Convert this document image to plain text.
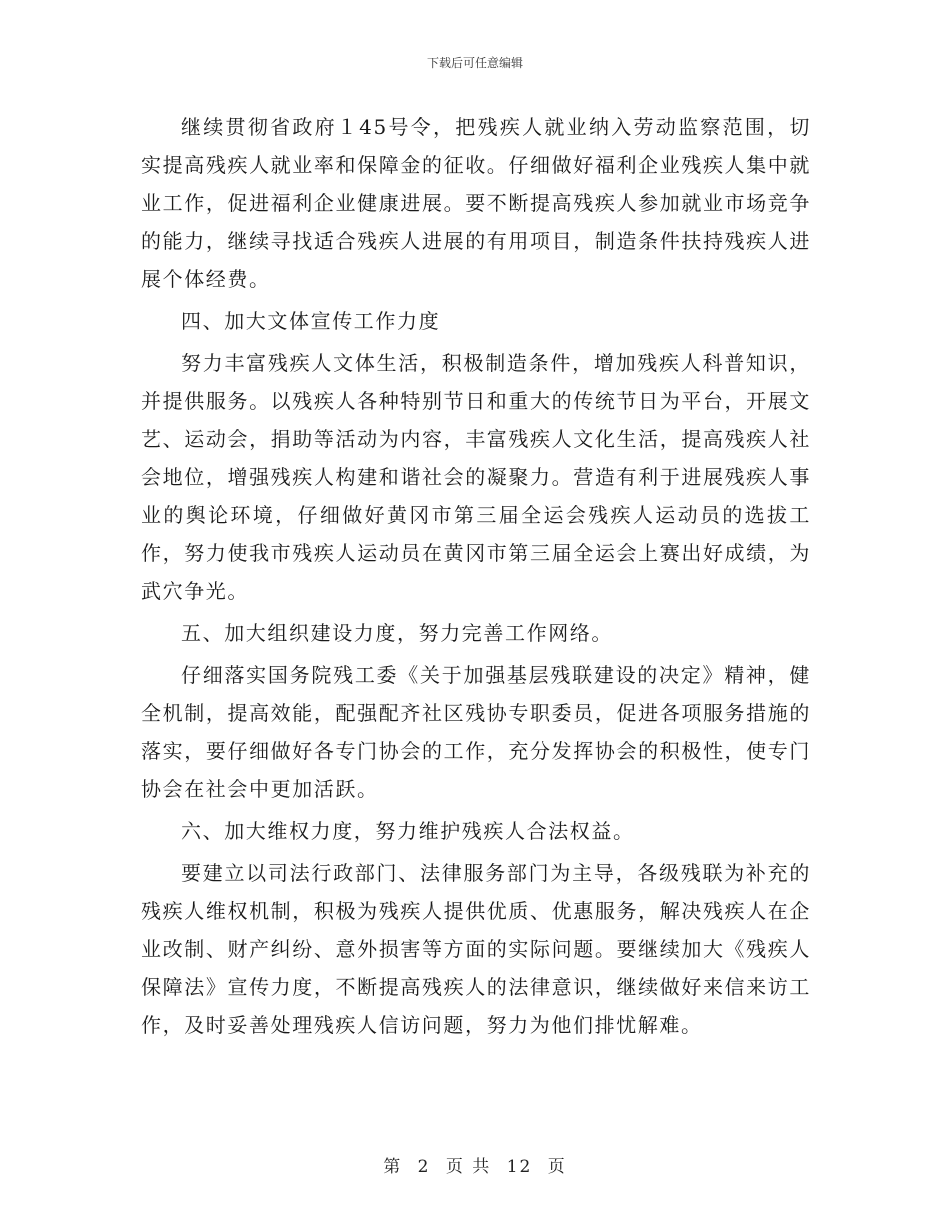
下载后可任意编辑

继续贯彻省政府１45号令，把残疾人就业纳入劳动监察范围，切实提高残疾人就业率和保障金的征收。仔细做好福利企业残疾人集中就业工作，促进福利企业健康进展。要不断提高残疾人参加就业市场竞争的能力，继续寻找适合残疾人进展的有用项目，制造条件扶持残疾人进展个体经费。

四、加大文体宣传工作力度

努力丰富残疾人文体生活，积极制造条件，增加残疾人科普知识，并提供服务。以残疾人各种特别节日和重大的传统节日为平台，开展文艺、运动会，捐助等活动为内容，丰富残疾人文化生活，提高残疾人社会地位，增强残疾人构建和谐社会的凝聚力。营造有利于进展残疾人事业的舆论环境，仔细做好黄冈市第三届全运会残疾人运动员的选拔工作，努力使我市残疾人运动员在黄冈市第三届全运会上赛出好成绩，为武穴争光。

五、加大组织建设力度，努力完善工作网络。

仔细落实国务院残工委《关于加强基层残联建设的决定》精神，健全机制，提高效能，配强配齐社区残协专职委员，促进各项服务措施的落实，要仔细做好各专门协会的工作，充分发挥协会的积极性，使专门协会在社会中更加活跃。

六、加大维权力度，努力维护残疾人合法权益。

要建立以司法行政部门、法律服务部门为主导，各级残联为补充的残疾人维权机制，积极为残疾人提供优质、优惠服务，解决残疾人在企业改制、财产纠纷、意外损害等方面的实际问题。要继续加大《残疾人保障法》宣传力度，不断提高残疾人的法律意识，继续做好来信来访工作，及时妥善处理残疾人信访问题，努力为他们排忧解难。

第 2 页 共 12 页
